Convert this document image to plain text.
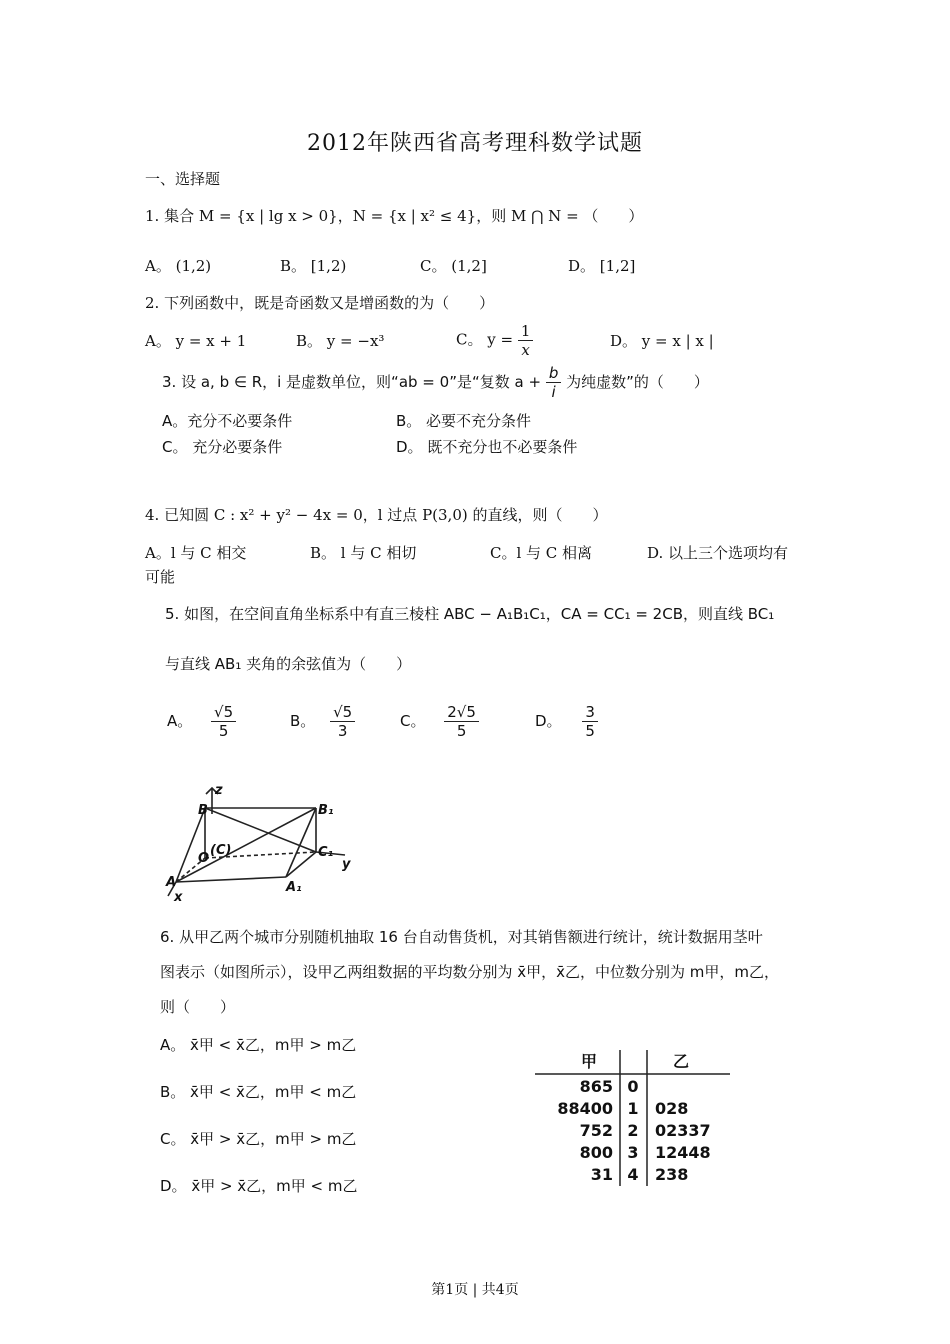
2012年陕西省高考理科数学试题
一、选择题
1. 集合 M = {x | lg x > 0}，N = {x | x² ≤ 4}，则 M ⋂ N = （　　）
A。 (1,2)	B。 [1,2)	C。 (1,2]	D。 [1,2]
2. 下列函数中，既是奇函数又是增函数的为（　　）
A。 y = x + 1	B。 y = −x³	C。 $y = \frac{1}{x}$	D。 y = x | x |
3. 设 a, b ∈ R，i 是虚数单位，则“ab = 0”是“复数 $a + \frac{b}{i}$ 为纯虚数”的（　　）
A。充分不必要条件	B。 必要不充分条件
C。 充分必要条件	D。 既不充分也不必要条件
4. 已知圆 C : x² + y² − 4x = 0，l 过点 P(3,0) 的直线，则（　　）
A。l 与 C 相交	B。 l 与 C 相切	C。l 与 C 相离	D. 以上三个选项均有
可能
5. 如图，在空间直角坐标系中有直三棱柱 ABC − A₁B₁C₁，CA = CC₁ = 2CB，则直线 BC₁
与直线 AB₁ 夹角的余弦值为（　　）
A。 $\frac{√5}{5}$	B。 $\frac{√5}{3}$	C。 $\frac{2√5}{5}$	D。 $\frac{3}{5}$
z
B	B₁
O
(C)	C₁
y
A	A₁
x
6. 从甲乙两个城市分别随机抽取 16 台自动售货机，对其销售额进行统计，统计数据用茎叶
图表示（如图所示），设甲乙两组数据的平均数分别为 x̄甲，x̄乙，中位数分别为 m甲，m乙，
则（　　）
A。 x̄甲 < x̄乙，m甲 > m乙
B。 x̄甲 < x̄乙，m甲 < m乙
C。 x̄甲 > x̄乙，m甲 > m乙
D。 x̄甲 > x̄乙，m甲 < m乙
甲	乙
865 0
88400 1 028
752 2 02337
800 3 12448
31 4 238
第1页 | 共4页
